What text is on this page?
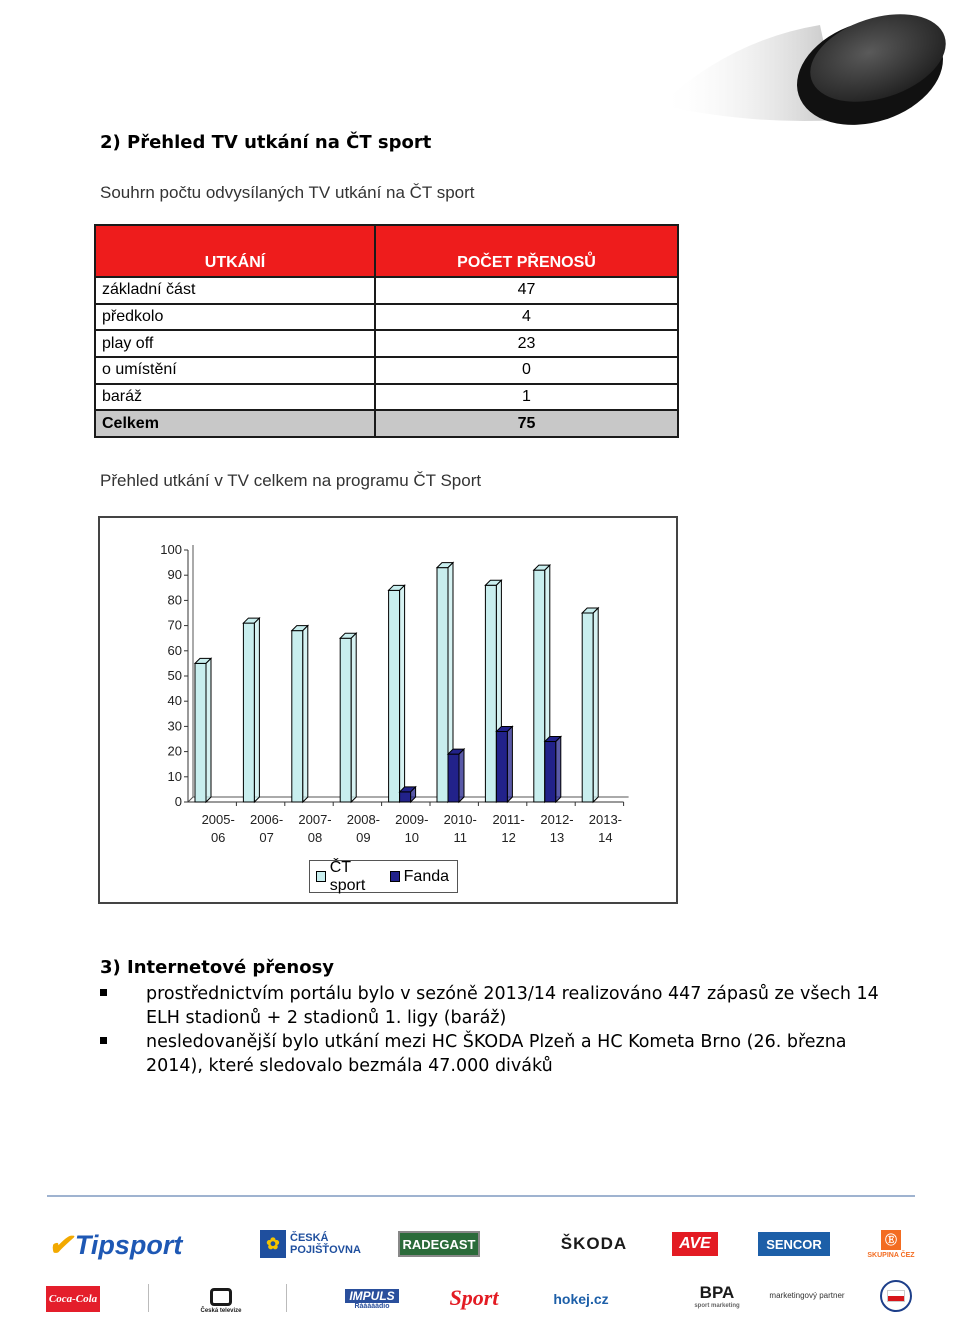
2) Přehled TV utkání na ČT sport
Souhrn počtu odvysílaných TV utkání na ČT sport
UTKÁNÍ	POČET PŘENOSŮ
základní část	47
předkolo	4
play off	23
o umístění	0
baráž	1
Celkem	75
Přehled utkání v TV celkem na programu ČT Sport
0
10
20
30
40
50
60
70
80
90
100
2005-
06
2006-
07
2007-
08
2008-
09
2009-
10
2010-
11
2011-
12
2012-
13
2013-
14
ČT sport
Fanda
3) Internetové přenosy
prostřednictvím portálu bylo v sezóně 2013/14 realizováno 447 zápasů ze všech 14 ELH stadionů + 2 stadionů 1. ligy (baráž)
nesledovanější bylo utkání mezi HC ŠKODA Plzeň a HC Kometa Brno (26. března 2014), které sledovalo bezmála 47.000 diváků
✔ Tipsport	✿ ČESKÁ POJIŠŤOVNA	RADEGAST	ŠKODA	AVE	SENCOR	Ⓔ
SKUPINA ČEZ
Coca-Cola
Česká televize
IMPULS
Rááááádio	Sport	hokej.cz	BPA
sport marketing
marketingový partner
